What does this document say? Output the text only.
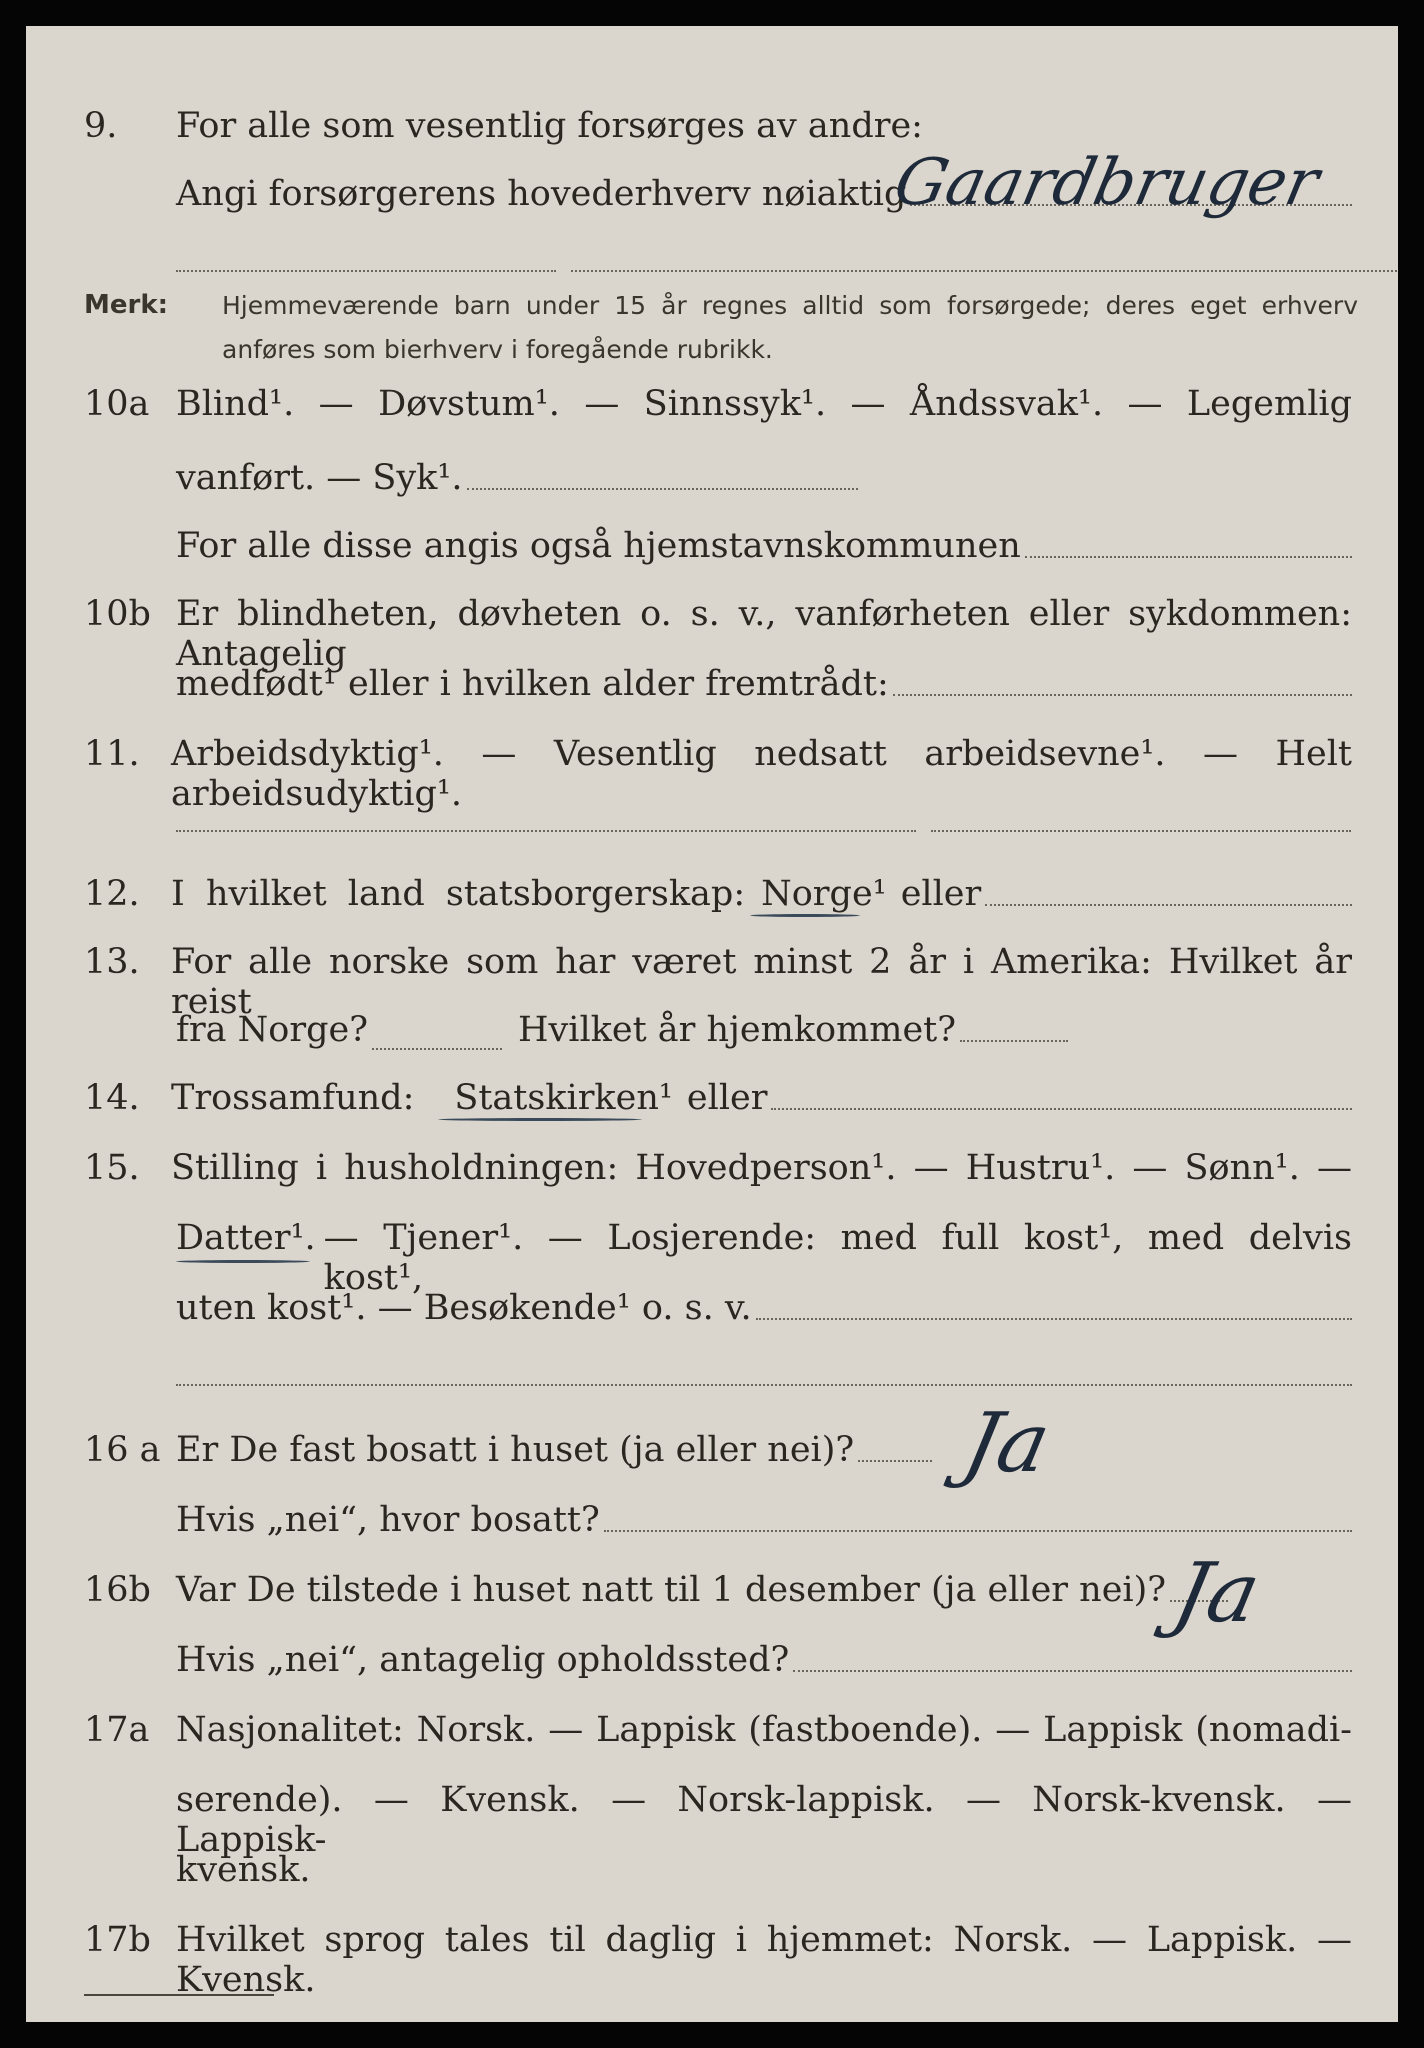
9.	For alle som vesentlig forsørges av andre:
Angi forsørgerens hovederhverv nøiaktig
Gaardbruger
Merk: Hjemmeværende barn under 15 år regnes alltid som forsørgede; deres eget erhverv
anføres som bierhverv i foregående rubrikk.
10a Blind¹. — Døvstum¹. — Sinnssyk¹. — Åndssvak¹. — Legemlig
vanført. — Syk¹.
For alle disse angis også hjemstavnskommunen
10b Er blindheten, døvheten o. s. v., vanførheten eller sykdommen: Antagelig
medfødt¹ eller i hvilken alder fremtrådt:
11. Arbeidsdyktig¹. — Vesentlig nedsatt arbeidsevne¹. — Helt arbeidsudyktig¹.
12. I hvilket land statsborgerskap: Norge¹ eller
13. For alle norske som har været minst 2 år i Amerika: Hvilket år reist
fra Norge?	Hvilket år hjemkommet?
14. Trossamfund: Statskirken¹ eller
15. Stilling i husholdningen: Hovedperson¹. — Hustru¹. — Sønn¹. —
Datter¹. — Tjener¹. — Losjerende: med full kost¹, med delvis kost¹,
uten kost¹. — Besøkende¹ o. s. v.
16 a Er De fast bosatt i huset (ja eller nei)?
Hvis „nei“, hvor bosatt?
Ja
16b Var De tilstede i huset natt til 1 desember (ja eller nei)?
Hvis „nei“, antagelig opholdssted?
Ja
17a Nasjonalitet: Norsk. — Lappisk (fastboende). — Lappisk (nomadi-
serende). — Kvensk. — Norsk-lappisk. — Norsk-kvensk. — Lappisk-
kvensk.
17b Hvilket sprog tales til daglig i hjemmet: Norsk. — Lappisk. — Kvensk.
